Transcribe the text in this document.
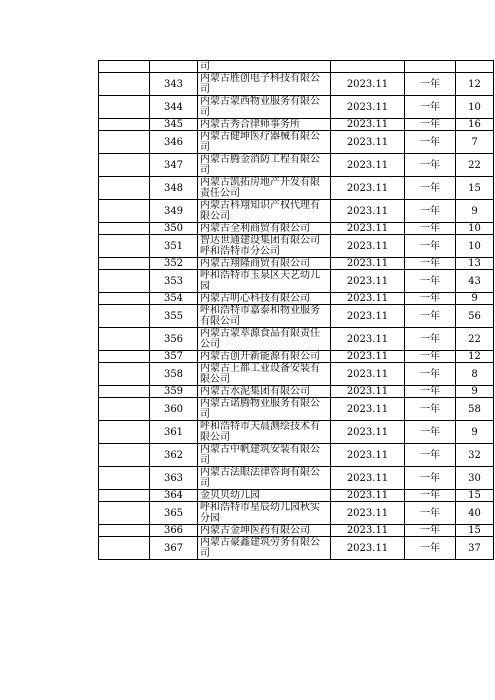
		司			
	343	内蒙古胜创电子科技有限公司	2023.11	一年	12
	344	内蒙古蒙西物业服务有限公司	2023.11	一年	10
	345	内蒙古秀合律师事务所	2023.11	一年	16
	346	内蒙古健坤医疗器械有限公司	2023.11	一年	7
	347	内蒙古腾金消防工程有限公司	2023.11	一年	22
	348	内蒙古凯拓房地产开发有限责任公司	2023.11	一年	15
	349	内蒙古科翔知识产权代理有限公司	2023.11	一年	9
	350	内蒙古全利商贸有限公司	2023.11	一年	10
	351	智达世通建设集团有限公司呼和浩特市分公司	2023.11	一年	10
	352	内蒙古翔隆商贸有限公司	2023.11	一年	13
	353	呼和浩特市玉泉区天艺幼儿园	2023.11	一年	43
	354	内蒙古明心科技有限公司	2023.11	一年	9
	355	呼和浩特市嘉泰和物业服务有限公司	2023.11	一年	56
	356	内蒙古蒙萃源食品有限责任公司	2023.11	一年	22
	357	内蒙古创开新能源有限公司	2023.11	一年	12
	358	内蒙古上都工业设备安装有限公司	2023.11	一年	8
	359	内蒙古水泥集团有限公司	2023.11	一年	9
	360	内蒙古诺腾物业服务有限公司	2023.11	一年	58
	361	呼和浩特市天晨测绘技术有限公司	2023.11	一年	9
	362	内蒙古中帆建筑安装有限公司	2023.11	一年	32
	363	内蒙古法眼法律咨询有限公司	2023.11	一年	30
	364	金贝贝幼儿园	2023.11	一年	15
	365	呼和浩特市星辰幼儿园秋实分园	2023.11	一年	40
	366	内蒙古金坤医药有限公司	2023.11	一年	15
	367	内蒙古豪鑫建筑劳务有限公司	2023.11	一年	37
